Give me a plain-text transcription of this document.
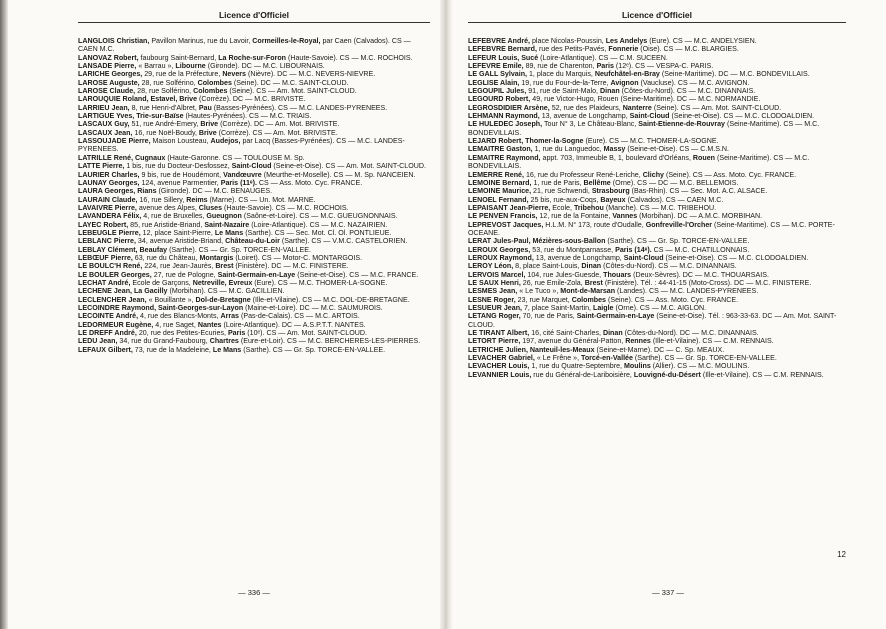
Licence d'Officiel

LANGLOIS Christian, Pavillon Marinus, rue du Lavoir, Cormeilles-le-Royal, par Caen (Calvados). CS — CAEN M.C.

LANOVAZ Robert, faubourg Saint-Bernard, La Roche-sur-Foron (Haute-Savoie). CS — M.C. ROCHOIS.

LANSADE Pierre, « Barrau », Libourne (Gironde). DC — M.C. LIBOURNAIS.

LARICHE Georges, 29, rue de la Préfecture, Nevers (Nièvre). DC — M.C. NEVERS-NIEVRE.

LAROSE Auguste, 28, rue Solférino, Colombes (Seine). DC — M.C. SAINT-CLOUD.

LAROSE Claude, 28, rue Solférino, Colombes (Seine). CS — Am. Mot. SAINT-CLOUD.

LAROUQUIE Roland, Estavel, Brive (Corrèze). DC — M.C. BRIVISTE.

LARRIEU Jean, 8, rue Henri-d'Albret, Pau (Basses-Pyrénées). CS — M.C. LANDES-PYRENEES.

LARTIGUE Yves, Trie-sur-Baïse (Hautes-Pyrénées). CS — M.C. TRIAIS.

LASCAUX Guy, 51, rue André-Emery, Brive (Corrèze). DC — Am. Mot. BRIVISTE.

LASCAUX Jean, 16, rue Noël-Boudy, Brive (Corrèze). CS — Am. Mot. BRIVISTE.

LASSOUJADE Pierre, Maison Lousteau, Audejos, par Lacq (Basses-Pyrénées). CS — M.C. LANDES-PYRENEES.

LATRILLE René, Cugnaux (Haute-Garonne. CS — TOULOUSE M. Sp.

LATTE Pierre, 1 bis, rue du Docteur-Desfossez, Saint-Cloud (Seine-et-Oise). CS — Am. Mot. SAINT-CLOUD.

LAURIER Charles, 9 bis, rue de Houdémont, Vandœuvre (Meurthe-et-Moselle). CS — M. Sp. NANCEIEN.

LAUNAY Georges, 124, avenue Parmentier, Paris (11ᵉ). CS — Ass. Moto. Cyc. FRANCE.

LAURA Georges, Rians (Gironde). DC — M.C. BENAUGES.

LAURAIN Claude, 16, rue Sillery, Reims (Marne). CS — Un. Mot. MARNE.

LAVAIVRE Pierre, avenue des Alpes, Cluses (Haute-Savoie). CS — M.C. ROCHOIS.

LAVANDERA Félix, 4, rue de Bruxelles, Gueugnon (Saône-et-Loire). CS — M.C. GUEUGNONNAIS.

LAYEC Robert, 85, rue Aristide-Briand, Saint-Nazaire (Loire-Atlantique). CS — M.C. NAZAIRIEN.

LEBEUGLE Pierre, 12, place Saint-Pierre, Le Mans (Sarthe). CS — Sec. Mot. Cl. Ol. PONTLIEUE.

LEBLANC Pierre, 34, avenue Aristide-Briand, Château-du-Loir (Sarthe). CS — V.M.C. CASTELORIEN.

LEBLAY Clément, Beaufay (Sarthe). CS — Gr. Sp. TORCE-EN-VALLEE.

LEBŒUF Pierre, 63, rue du Château, Montargis (Loiret). CS — Motor-C. MONTARGOIS.

LE BOULC'H René, 224, rue Jean-Jaurès, Brest (Finistère). DC — M.C. FINISTERE.

LE BOULER Georges, 27, rue de Pologne, Saint-Germain-en-Laye (Seine-et-Oise). CS — M.C. FRANCE.

LECHAT André, Ecole de Garçons, Netreville, Evreux (Eure). CS — M.C. THOMER-LA-SOGNE.

LECHENE Jean, La Gacilly (Morbihan). CS — M.C. GACILLIEN.

LECLENCHER Jean, « Bouillante », Dol-de-Bretagne (Ille-et-Vilaine). CS — M.C. DOL-DE-BRETAGNE.

LECOINDRE Raymond, Saint-Georges-sur-Layon (Maine-et-Loire). DC — M.C. SAUMUROIS.

LECOINTE André, 4, rue des Blancs-Monts, Arras (Pas-de-Calais). CS — M.C. ARTOIS.

LEDORMEUR Eugène, 4, rue Saget, Nantes (Loire-Atlantique). DC — A.S.P.T.T. NANTES.

LE DREFF André, 20, rue des Petites-Ecuries, Paris (10ᵉ). CS — Am. Mot. SAINT-CLOUD.

LEDU Jean, 34, rue du Grand-Faubourg, Chartres (Eure-et-Loir). CS — M.C. BERCHERES-LES-PIERRES.

LEFAUX Gilbert, 73, rue de la Madeleine, Le Mans (Sarthe). CS — Gr. Sp. TORCE-EN-VALLEE.

— 336 —
Licence d'Officiel

LEFEBVRE André, place Nicolas-Poussin, Les Andelys (Eure). CS — M.C. ANDELYSIEN.

LEFEBVRE Bernard, rue des Petits-Pavés, Fonnerie (Oise). CS — M.C. BLARGIES.

LEFEUR Louis, Sucé (Loire-Atlantique). CS — C.M. SUCEEN.

LEFEVRE Emile, 89, rue de Charenton, Paris (12ᵉ). CS — VESPA-C. PARIS.

LE GALL Sylvain, 1, place du Marquis, Neufchâtel-en-Bray (Seine-Maritime). DC — M.C. BONDEVILLAIS.

LEGLISE Alain, 19, rue du Four-de-la-Terre, Avignon (Vaucluse). CS — M.C. AVIGNON.

LEGOUPIL Jules, 91, rue de Saint-Malo, Dinan (Côtes-du-Nord). CS — M.C. DINANNAIS.

LEGOURD Robert, 49, rue Victor-Hugo, Rouen (Seine-Maritime). DC — M.C. NORMANDIE.

LEGROSDIDIER Arsène, 52, rue des Plaideurs, Nanterre (Seine). CS — Am. Mot. SAINT-CLOUD.

LEHMANN Raymond, 13, avenue de Longchamp, Saint-Cloud (Seine-et-Oise). CS — M.C. CLODOALDIEN.

LE HULEDEC Joseph, Tour N° 3, Le Château-Blanc, Saint-Etienne-de-Rouvray (Seine-Maritime). CS — M.C. BONDEVILLAIS.

LEJARD Robert, Thomer-la-Sogne (Eure). CS — M.C. THOMER-LA-SOGNE.

LEMAITRE Gaston, 1, rue du Languedoc, Massy (Seine-et-Oise). CS — C.M.S.N.

LEMAITRE Raymond, appt. 703, Immeuble B, 1, boulevard d'Orléans, Rouen (Seine-Maritime). CS — M.C. BONDEVILLAIS.

LEMERRE René, 16, rue du Professeur René-Leriche, Clichy (Seine). CS — Ass. Moto. Cyc. FRANCE.

LEMOINE Bernard, 1, rue de Paris, Bellême (Orne). CS — DC — M.C. BELLEMOIS.

LEMOINE Maurice, 21, rue Schwendi, Strasbourg (Bas-Rhin). CS — Sec. Mot. A.C. ALSACE.

LENOEL Fernand, 25 bis, rue-aux-Coqs, Bayeux (Calvados). CS — CAEN M.C.

LEPAISANT Jean-Pierre, Ecole, Tribehou (Manche). CS — M.C. TRIBEHOU.

LE PENVEN Francis, 12, rue de la Fontaine, Vannes (Morbihan). DC — A.M.C. MORBIHAN.

LEPREVOST Jacques, H.L.M. N° 173, route d'Oudalle, Gonfreville-l'Orcher (Seine-Maritime). CS — M.C. PORTE-OCEANE.

LERAT Jules-Paul, Mézières-sous-Ballon (Sarthe). CS — Gr. Sp. TORCE-EN-VALLEE.

LEROUX Georges, 53, rue du Montparnasse, Paris (14ᵉ). CS — M.C. CHATILLONNAIS.

LEROUX Raymond, 13, avenue de Longchamp, Saint-Cloud (Seine-et-Oise). CS — M.C. CLODOALDIEN.

LEROY Léon, 8, place Saint-Louis, Dinan (Côtes-du-Nord). CS — M.C. DINANNAIS.

LERVOIS Marcel, 104, rue Jules-Guesde, Thouars (Deux-Sèvres). DC — M.C. THOUARSAIS.

LE SAUX Henri, 26, rue Emile-Zola, Brest (Finistère). Tél. : 44-41-15 (Moto-Cross). DC — M.C. FINISTERE.

LESMES Jean, « Le Tuco », Mont-de-Marsan (Landes). CS — M.C. LANDES-PYRENEES.

LESNE Roger, 23, rue Marquet, Colombes (Seine). CS — Ass. Moto. Cyc. FRANCE.

LESUEUR Jean, 7, place Saint-Martin, Laigle (Orne). CS — M.C. AIGLON.

LETANG Roger, 70, rue de Paris, Saint-Germain-en-Laye (Seine-et-Oise). Tél. : 963-33-63. DC — Am. Mot. SAINT-CLOUD.

LE TIRANT Albert, 16, cité Saint-Charles, Dinan (Côtes-du-Nord). DC — M.C. DINANNAIS.

LETORT Pierre, 197, avenue du Général-Patton, Rennes (Ille-et-Vilaine). CS — C.M. RENNAIS.

LETRICHE Julien, Nanteuil-les-Meaux (Seine-et-Marne). DC — C. Sp. MEAUX.

LEVACHER Gabriel, « Le Frêne », Torcé-en-Vallée (Sarthe). CS — Gr. Sp. TORCE-EN-VALLEE.

LEVACHER Louis, 1, rue du Quatre-Septembre, Moulins (Allier). CS — M.C. MOULINS.

LEVANNIER Louis, rue du Général-de-Lariboisière, Louvigné-du-Désert (Ille-et-Vilaine). CS — C.M. RENNAIS.

— 337 —
12
